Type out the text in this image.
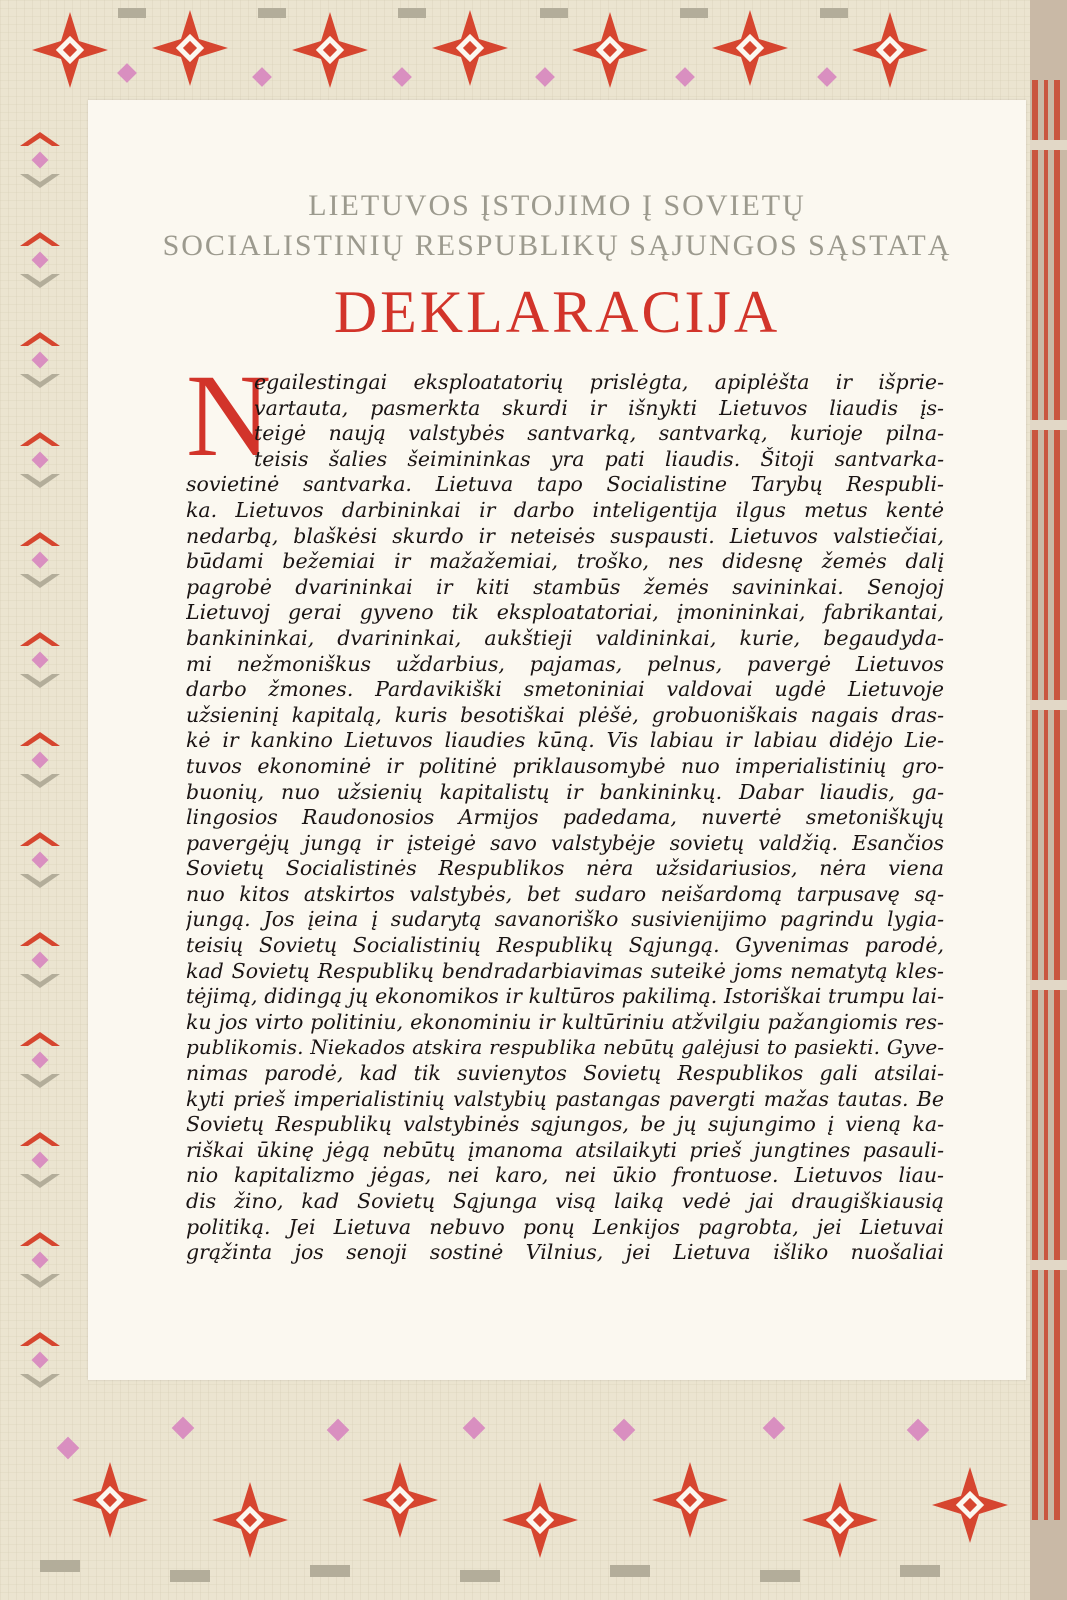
LIETUVOS ĮSTOJIMO Į SOVIETŲ
SOCIALISTINIŲ RESPUBLIKŲ SĄJUNGOS SĄSTATĄ
DEKLARACIJA
N
egailestingai eksploatatorių prislėgta, apiplėšta ir išprie-
vartauta, pasmerkta skurdi ir išnykti Lietuvos liaudis įs-
teigė naują valstybės santvarką, santvarką, kurioje pilna-
teisis šalies šeimininkas yra pati liaudis. Šitoji santvarka-
sovietinė santvarka. Lietuva tapo Socialistine Tarybų Respubli-
ka. Lietuvos darbininkai ir darbo inteligentija ilgus metus kentė
nedarbą, blaškėsi skurdo ir neteisės suspausti. Lietuvos valstiečiai,
būdami bežemiai ir mažažemiai, troško, nes didesnę žemės dalį
pagrobė dvarininkai ir kiti stambūs žemės savininkai. Senojoj
Lietuvoj gerai gyveno tik eksploatatoriai, įmonininkai, fabrikantai,
bankininkai, dvarininkai, aukštieji valdininkai, kurie, begaudyda-
mi nežmoniškus uždarbius, pajamas, pelnus, pavergė Lietuvos
darbo žmones. Pardavikiški smetoniniai valdovai ugdė Lietuvoje
užsieninį kapitalą, kuris besotiškai plėšė, grobuoniškais nagais dras-
kė ir kankino Lietuvos liaudies kūną. Vis labiau ir labiau didėjo Lie-
tuvos ekonominė ir politinė priklausomybė nuo imperialistinių gro-
buonių, nuo užsienių kapitalistų ir bankininkų. Dabar liaudis, ga-
lingosios Raudonosios Armijos padedama, nuvertė smetoniškųjų
pavergėjų jungą ir įsteigė savo valstybėje sovietų valdžią. Esančios
Sovietų Socialistinės Respublikos nėra užsidariusios, nėra viena
nuo kitos atskirtos valstybės, bet sudaro neišardomą tarpusavę są-
jungą. Jos įeina į sudarytą savanoriško susivienijimo pagrindu lygia-
teisių Sovietų Socialistinių Respublikų Sąjungą. Gyvenimas parodė,
kad Sovietų Respublikų bendradarbiavimas suteikė joms nematytą kles-
tėjimą, didingą jų ekonomikos ir kultūros pakilimą. Istoriškai trumpu lai-
ku jos virto politiniu, ekonominiu ir kultūriniu atžvilgiu pažangiomis res-
publikomis. Niekados atskira respublika nebūtų galėjusi to pasiekti. Gyve-
nimas parodė, kad tik suvienytos Sovietų Respublikos gali atsilai-
kyti prieš imperialistinių valstybių pastangas pavergti mažas tautas. Be
Sovietų Respublikų valstybinės sąjungos, be jų sujungimo į vieną ka-
riškai ūkinę jėgą nebūtų įmanoma atsilaikyti prieš jungtines pasauli-
nio kapitalizmo jėgas, nei karo, nei ūkio frontuose. Lietuvos liau-
dis žino, kad Sovietų Sąjunga visą laiką vedė jai draugiškiausią
politiką. Jei Lietuva nebuvo ponų Lenkijos pagrobta, jei Lietuvai
grąžinta jos senoji sostinė Vilnius, jei Lietuva išliko nuošaliai
